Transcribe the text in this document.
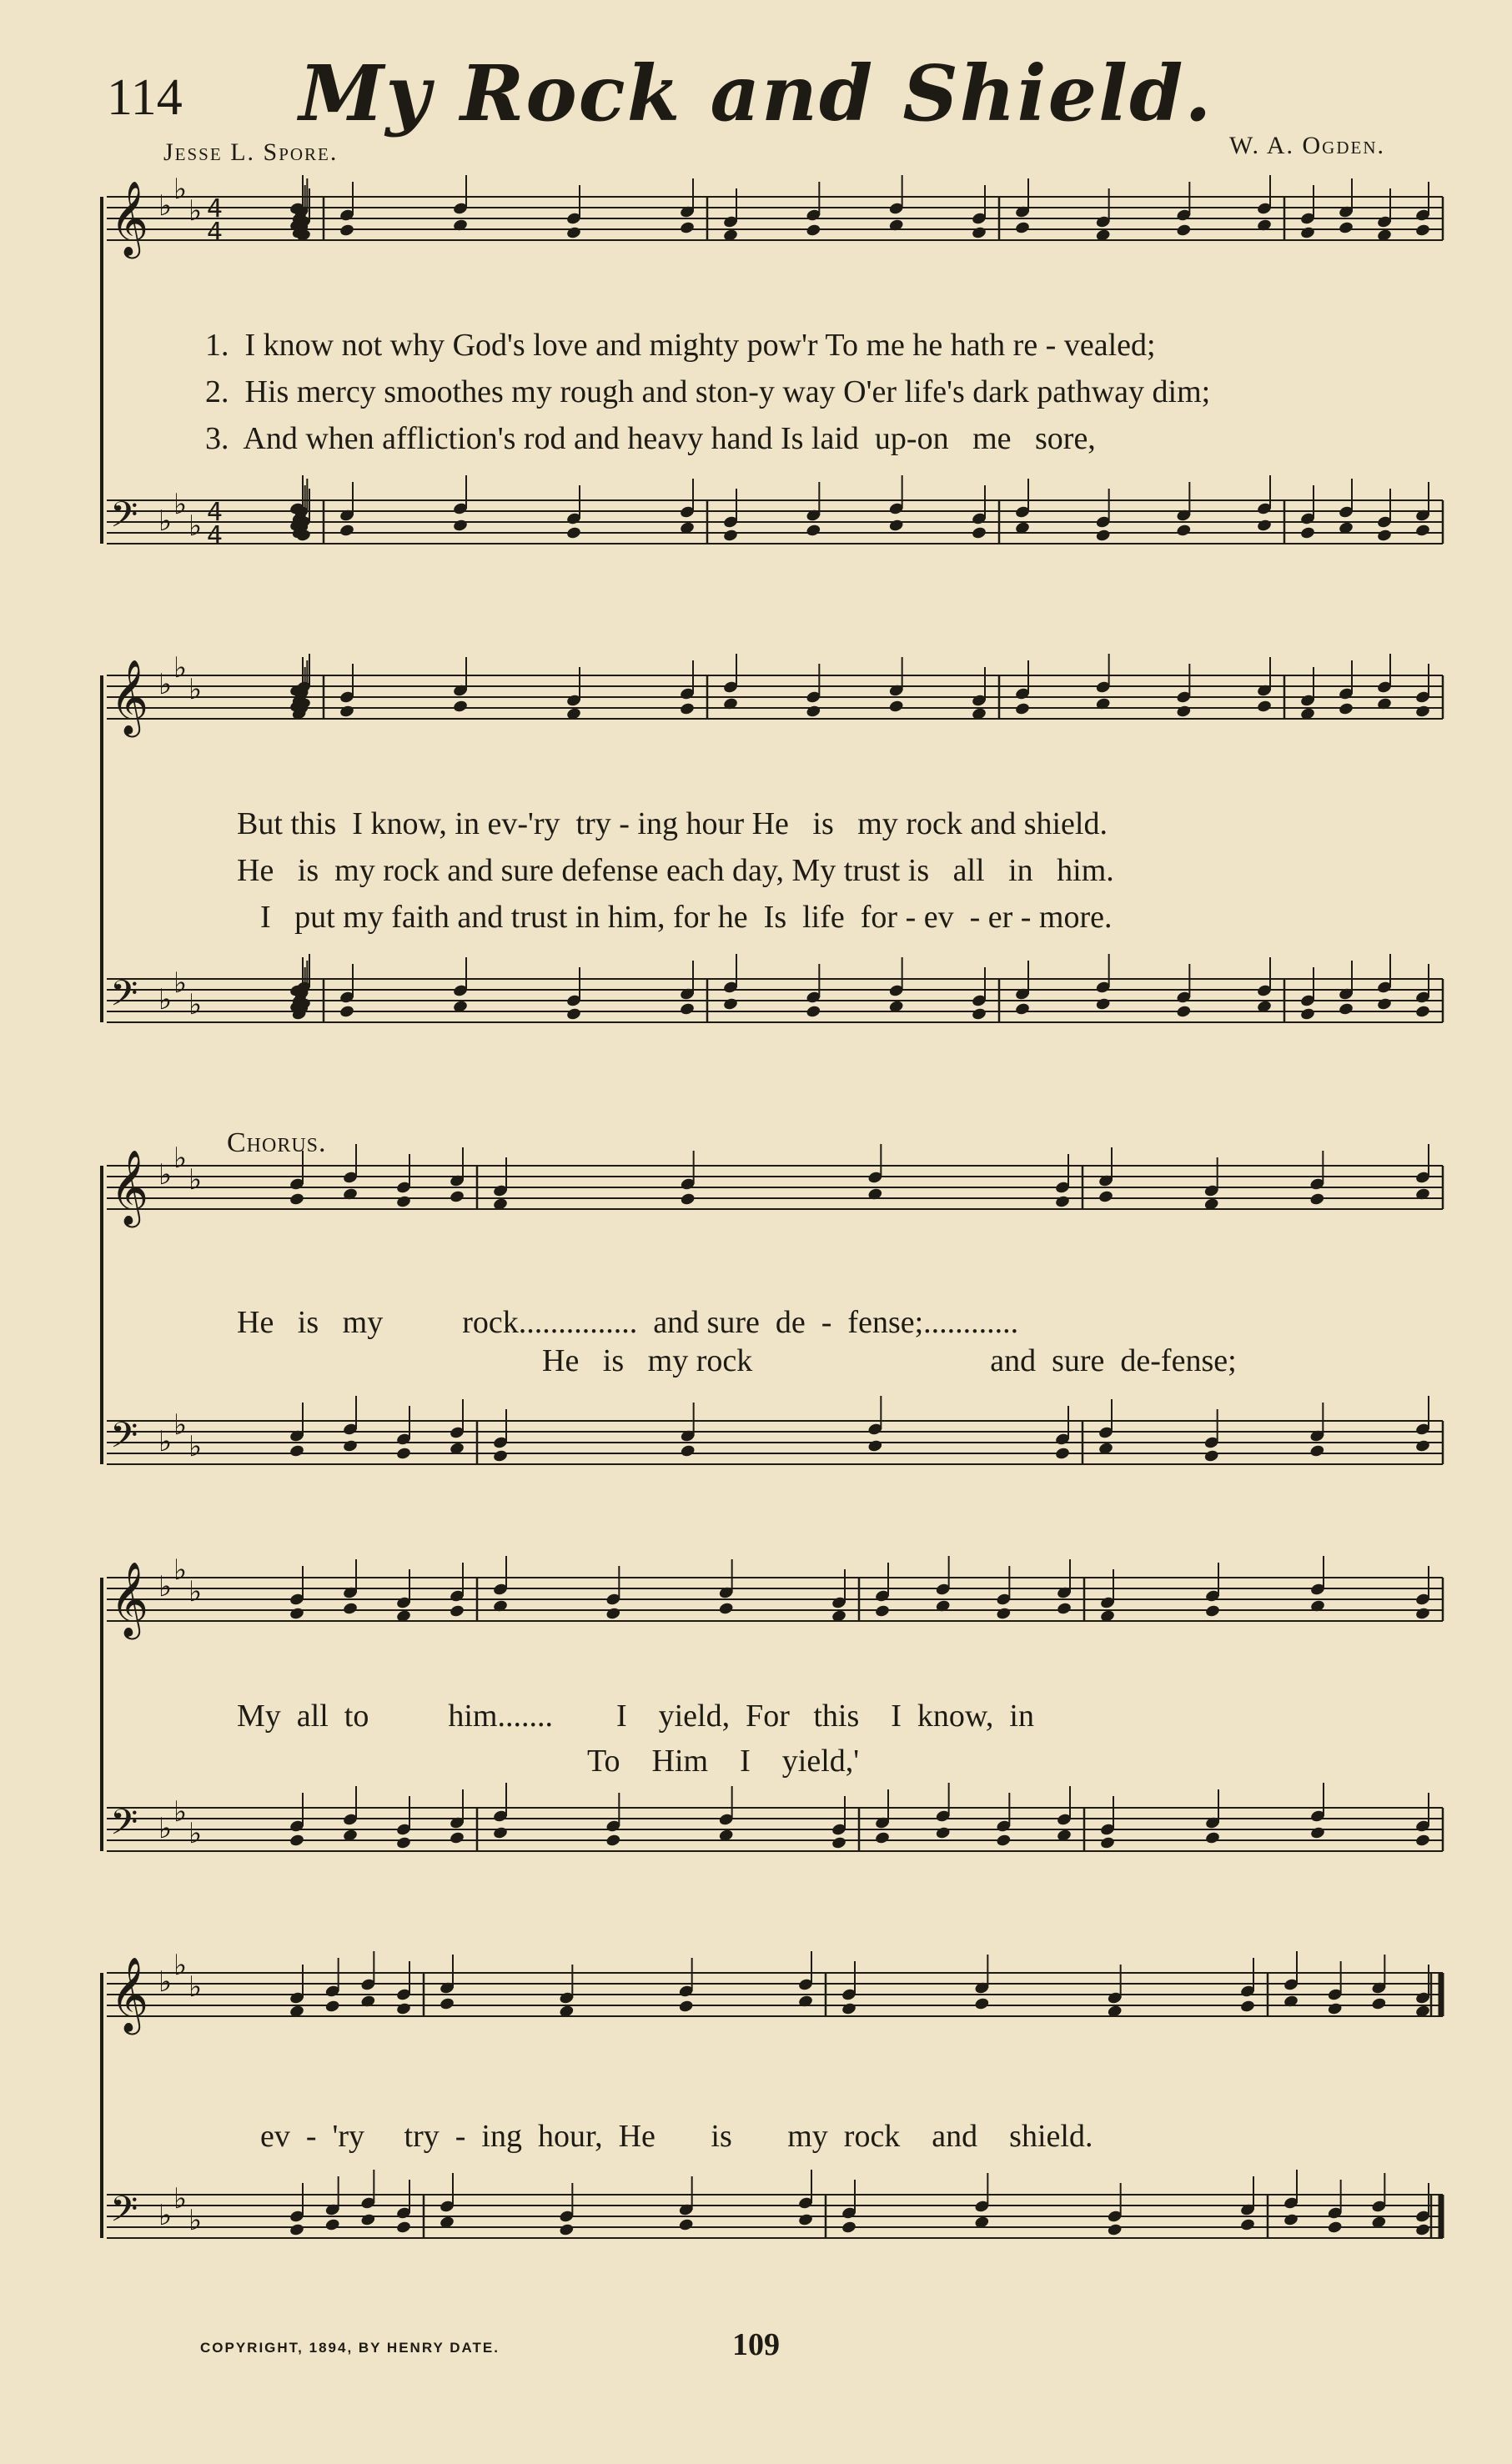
114	My Rock and Shield.
Jesse L. Spore.	W. A. Ogden.
𝄞 ♭ ♭
♭ 4
4
𝄢 ♭ ♭
♭ 4
4
𝄞 ♭ ♭
♭
𝄢 ♭ ♭
♭
𝄞 ♭ ♭
♭
𝄢 ♭ ♭
♭
𝄞 ♭ ♭
♭
𝄢 ♭ ♭
♭
𝄞 ♭ ♭
♭
𝄢 ♭ ♭
♭
1.  I know not why God's love and mighty pow'r To me he hath re - vealed;
2.  His mercy smoothes my rough and ston-y way O'er life's dark pathway dim;
3.  And when affliction's rod and heavy hand Is laid  up-on   me   sore,
But this  I know, in ev-'ry  try - ing hour He   is   my rock and shield.
He   is  my rock and sure defense each day, My trust is   all   in   him.
I   put my faith and trust in him, for he  Is  life  for - ev  - er - more.
Chorus.
He   is   my          rock...............  and sure  de  -  fense;............
He   is   my rock                              and  sure  de-fense;
My  all  to          him.......        I    yield,  For   this    I  know,  in
To    Him    I    yield,'
ev  -  'ry     try  -  ing  hour,  He       is       my  rock    and    shield.
COPYRIGHT, 1894, BY HENRY DATE.	109
